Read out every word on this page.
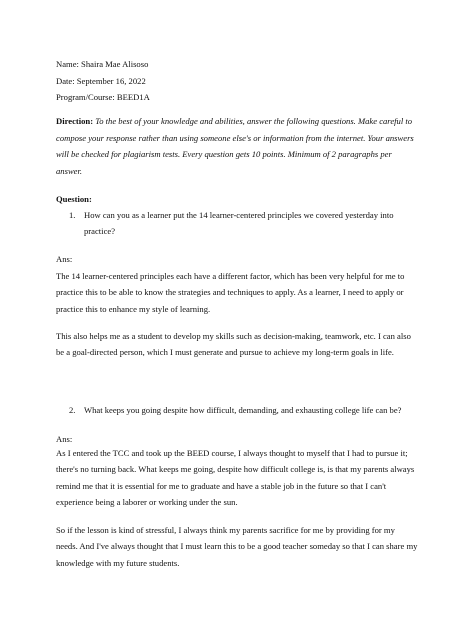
Name: Shaira Mae Alisoso
Date: September 16, 2022
Program/Course: BEED1A
Direction: To the best of your knowledge and abilities, answer the following questions. Make careful to compose your response rather than using someone else's or information from the internet. Your answers will be checked for plagiarism tests. Every question gets 10 points. Minimum of 2 paragraphs per answer.
Question:
1. How can you as a learner put the 14 learner-centered principles we covered yesterday into practice?
Ans:
The 14 learner-centered principles each have a different factor, which has been very helpful for me to practice this to be able to know the strategies and techniques to apply. As a learner, I need to apply or practice this to enhance my style of learning.
This also helps me as a student to develop my skills such as decision-making, teamwork, etc. I can also be a goal-directed person, which I must generate and pursue to achieve my long-term goals in life.
2. What keeps you going despite how difficult, demanding, and exhausting college life can be?
Ans:
As I entered the TCC and took up the BEED course, I always thought to myself that I had to pursue it; there's no turning back. What keeps me going, despite how difficult college is, is that my parents always remind me that it is essential for me to graduate and have a stable job in the future so that I can't experience being a laborer or working under the sun.
So if the lesson is kind of stressful, I always think my parents sacrifice for me by providing for my needs. And I've always thought that I must learn this to be a good teacher someday so that I can share my knowledge with my future students.
